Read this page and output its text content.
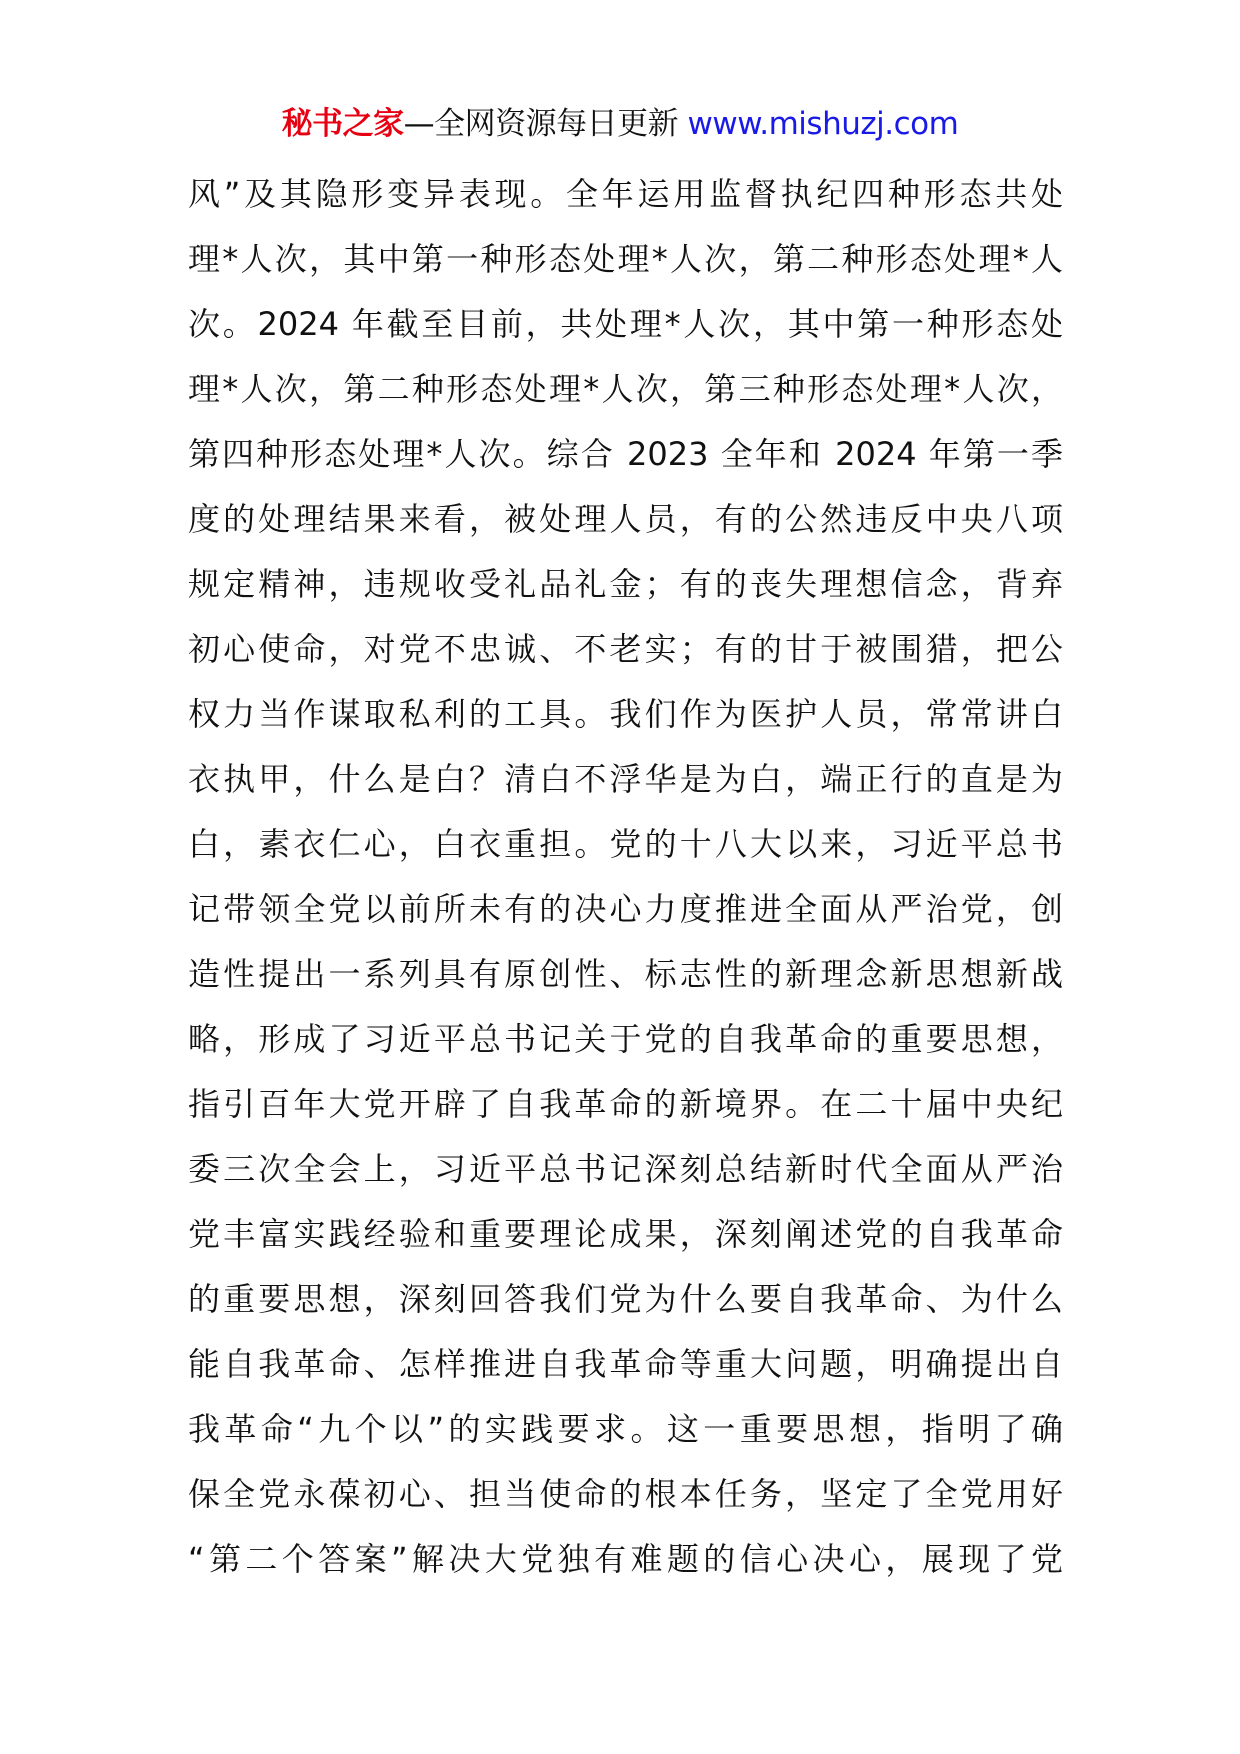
秘书之家—全网资源每日更新 www.mishuzj.com
风”及其隐形变异表现。全年运用监督执纪四种形态共处
理*人次，其中第一种形态处理*人次，第二种形态处理*人
次。2024 年截至目前，共处理*人次，其中第一种形态处
理*人次，第二种形态处理*人次，第三种形态处理*人次，
第四种形态处理*人次。综合 2023 全年和 2024 年第一季
度的处理结果来看，被处理人员，有的公然违反中央八项
规定精神，违规收受礼品礼金；有的丧失理想信念，背弃
初心使命，对党不忠诚、不老实；有的甘于被围猎，把公
权力当作谋取私利的工具。我们作为医护人员，常常讲白
衣执甲，什么是白？清白不浮华是为白，端正行的直是为
白，素衣仁心，白衣重担。党的十八大以来，习近平总书
记带领全党以前所未有的决心力度推进全面从严治党，创
造性提出一系列具有原创性、标志性的新理念新思想新战
略，形成了习近平总书记关于党的自我革命的重要思想，
指引百年大党开辟了自我革命的新境界。在二十届中央纪
委三次全会上，习近平总书记深刻总结新时代全面从严治
党丰富实践经验和重要理论成果，深刻阐述党的自我革命
的重要思想，深刻回答我们党为什么要自我革命、为什么
能自我革命、怎样推进自我革命等重大问题，明确提出自
我革命“九个以”的实践要求。这一重要思想，指明了确
保全党永葆初心、担当使命的根本任务，坚定了全党用好
“第二个答案”解决大党独有难题的信心决心，展现了党
